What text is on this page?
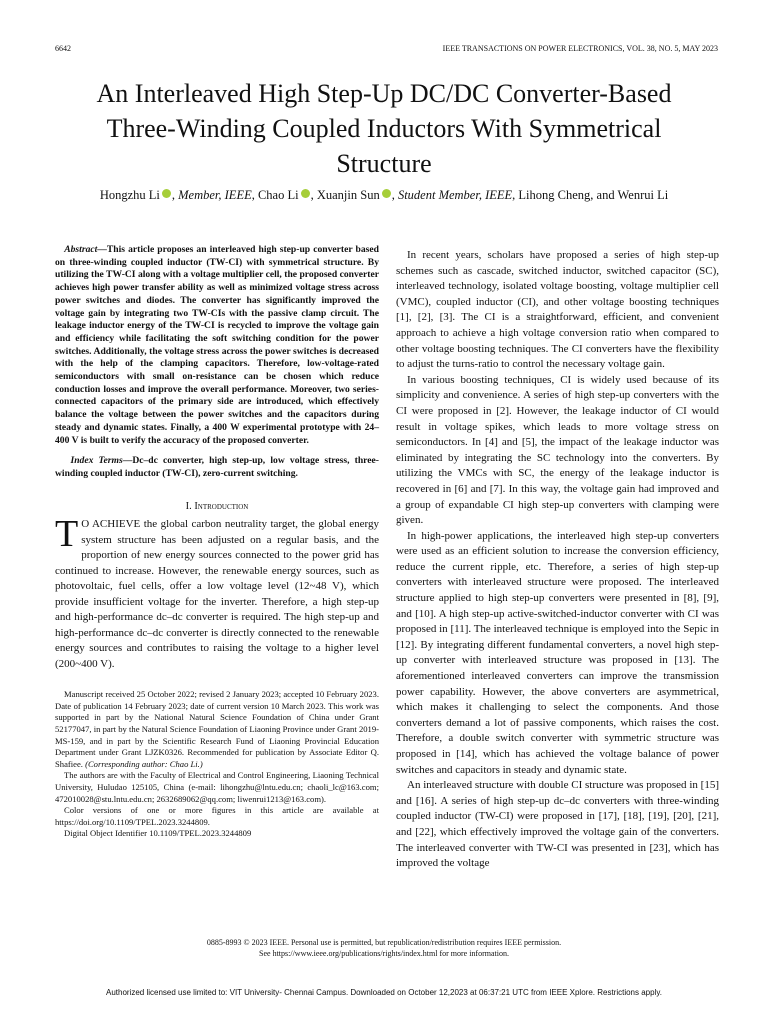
6642	IEEE TRANSACTIONS ON POWER ELECTRONICS, VOL. 38, NO. 5, MAY 2023
An Interleaved High Step-Up DC/DC Converter-Based Three-Winding Coupled Inductors With Symmetrical Structure
Hongzhu Li , Member, IEEE, Chao Li , Xuanjin Sun , Student Member, IEEE, Lihong Cheng, and Wenrui Li
Abstract—This article proposes an interleaved high step-up converter based on three-winding coupled inductor (TW-CI) with symmetrical structure. By utilizing the TW-CI along with a voltage multiplier cell, the proposed converter achieves high power transfer ability as well as minimized voltage stress across power switches and diodes. The converter has significantly improved the voltage gain by integrating two TW-CIs with the passive clamp circuit. The leakage inductor energy of the TW-CI is recycled to improve the voltage gain and efficiency while facilitating the soft switching condition for the power switches. Additionally, the voltage stress across the power switches is decreased with the help of the clamping capacitors. Therefore, low-voltage-rated semiconductors with small on-resistance can be chosen which reduce conduction losses and improve the overall performance. Moreover, two series-connected capacitors of the primary side are introduced, which effectively balance the voltage between the power switches and the capacitors during steady and dynamic states. Finally, a 400 W experimental prototype with 24–400 V is built to verify the accuracy of the proposed converter.
Index Terms—Dc–dc converter, high step-up, low voltage stress, three-winding coupled inductor (TW-CI), zero-current switching.
I. Introduction

T O ACHIEVE the global carbon neutrality target, the global energy system structure has been adjusted on a regular basis, and the proportion of new energy sources connected to the power grid has continued to increase. However, the renewable energy sources, such as photovoltaic, fuel cells, offer a low voltage level (12~48 V), which provide insufficient voltage for the inverter. Therefore, a high step-up and high-performance dc–dc converter is required. The high step-up and high-performance dc–dc converter is directly connected to the renewable energy sources and contributes to raising the voltage to a higher level (200~400 V).

Manuscript received 25 October 2022; revised 2 January 2023; accepted 10 February 2023. Date of publication 14 February 2023; date of current version 10 March 2023. This work was supported in part by the National Natural Science Foundation of China under Grant 52177047, in part by the Natural Science Foundation of Liaoning Province under Grant 2019-MS-159, and in part by the Scientific Research Fund of Liaoning Provincial Education Department under Grant LJZK0326. Recommended for publication by Associate Editor Q. Shafiee. (Corresponding author: Chao Li.)

The authors are with the Faculty of Electrical and Control Engineering, Liaoning Technical University, Huludao 125105, China (e-mail: lihongzhu@lntu.edu.cn; chaoli_lc@163.com; 472010028@stu.lntu.edu.cn; 2632689062@qq.com; liwenrui1213@163.com).

Color versions of one or more figures in this article are available at https://doi.org/10.1109/TPEL.2023.3244809.

Digital Object Identifier 10.1109/TPEL.2023.3244809

In recent years, scholars have proposed a series of high step-up schemes such as cascade, switched inductor, switched capacitor (SC), interleaved technology, isolated voltage boosting, voltage multiplier cell (VMC), coupled inductor (CI), and other voltage boosting techniques [1], [2], [3]. The CI is a straightforward, efficient, and convenient approach to achieve a high voltage conversion ratio when compared to other voltage boosting techniques. The CI converters have the flexibility to adjust the turns-ratio to control the necessary voltage gain.

In various boosting techniques, CI is widely used because of its simplicity and convenience. A series of high step-up converters with the CI were proposed in [2]. However, the leakage inductor of CI would result in voltage spikes, which leads to more voltage stress on semiconductors. In [4] and [5], the impact of the leakage inductor was eliminated by integrating the SC technology into the converters. By utilizing the VMCs with SC, the energy of the leakage inductor is recovered in [6] and [7]. In this way, the voltage gain had improved and a group of expandable CI high step-up converters with clamping were given.

In high-power applications, the interleaved high step-up converters were used as an efficient solution to increase the conversion efficiency, reduce the current ripple, etc. Therefore, a series of high step-up converters with interleaved structure were proposed. The interleaved structure applied to high step-up converters were presented in [8], [9], and [10]. A high step-up active-switched-inductor converter with CI was proposed in [11]. The interleaved technique is employed into the Sepic in [12]. By integrating different fundamental converters, a novel high step-up converter with interleaved structure was proposed in [13]. The aforementioned interleaved converters can improve the transmission power capability. However, the above converters are asymmetrical, which makes it challenging to select the components. And those converters demand a lot of passive components, which raises the cost. Therefore, a double switch converter with symmetric structure was proposed in [14], which has achieved the voltage balance of power switches and capacitors in steady and dynamic state.

An interleaved structure with double CI structure was proposed in [15] and [16]. A series of high step-up dc–dc converters with three-winding coupled inductor (TW-CI) were proposed in [17], [18], [19], [20], [21], and [22], which effectively improved the voltage gain of the converters. The interleaved converter with TW-CI was presented in [23], which has improved the voltage

0885-8993 © 2023 IEEE. Personal use is permitted, but republication/redistribution requires IEEE permission.
See https://www.ieee.org/publications/rights/index.html for more information.
Authorized licensed use limited to: VIT University- Chennai Campus. Downloaded on October 12,2023 at 06:37:21 UTC from IEEE Xplore. Restrictions apply.
